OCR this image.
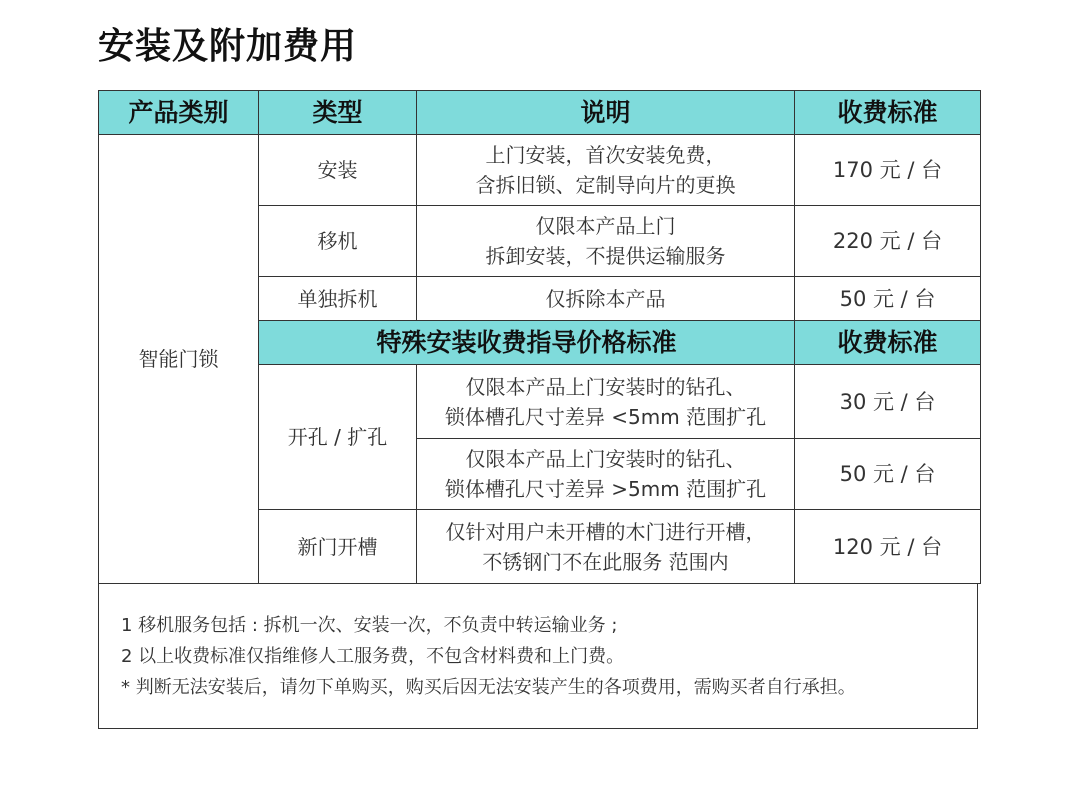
安装及附加费用
产品类别	类型	说明	收费标准
智能门锁	安装	上门安装，首次安装免费，
含拆旧锁、定制导向片的更换	170 元 / 台
	移机	仅限本产品上门
拆卸安装，不提供运输服务	220 元 / 台
	单独拆机	仅拆除本产品	50 元 / 台
	特殊安装收费指导价格标准		收费标准
	开孔 / 扩孔	仅限本产品上门安装时的钻孔、
锁体槽孔尺寸差异 <5mm 范围扩孔	30 元 / 台

		仅限本产品上门安装时的钻孔、
锁体槽孔尺寸差异 >5mm 范围扩孔	50 元 / 台
	新门开槽	仅针对用户未开槽的木门进行开槽，
不锈钢门不在此服务 范围内	120 元 / 台
1 移机服务包括 : 拆机一次、安装一次，不负责中转运输业务 ;
2 以上收费标准仅指维修人工服务费，不包含材料费和上门费。
* 判断无法安装后，请勿下单购买，购买后因无法安装产生的各项费用，需购买者自行承担。
